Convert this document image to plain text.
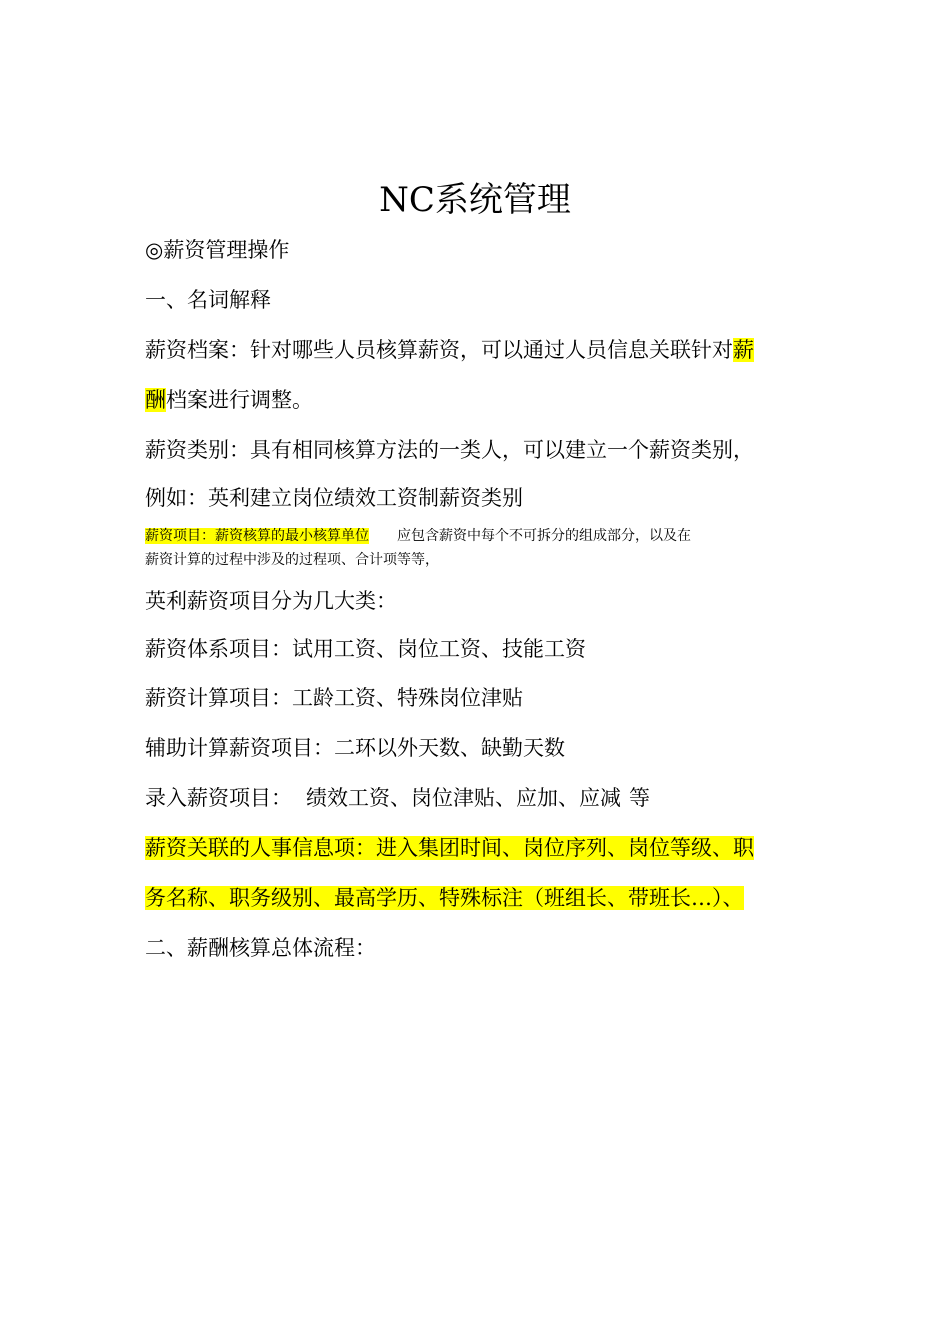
NC系统管理
◎薪资管理操作
一、名词解释
薪资档案：针对哪些人员核算薪资，可以通过人员信息关联针对薪
酬档案进行调整。
薪资类别：具有相同核算方法的一类人，可以建立一个薪资类别，
例如：英利建立岗位绩效工资制薪资类别
薪资项目：薪资核算的最小核算单位 应包含薪资中每个不可拆分的组成部分，以及在
薪资计算的过程中涉及的过程项、合计项等等，
英利薪资项目分为几大类：
薪资体系项目：试用工资、岗位工资、技能工资
薪资计算项目：工龄工资、特殊岗位津贴
辅助计算薪资项目：二环以外天数、缺勤天数
录入薪资项目： 绩效工资、岗位津贴、应加、应减 等
薪资关联的人事信息项：进入集团时间、岗位序列、岗位等级、职
务名称、职务级别、最高学历、特殊标注（班组长、带班长…）、
二、薪酬核算总体流程：
